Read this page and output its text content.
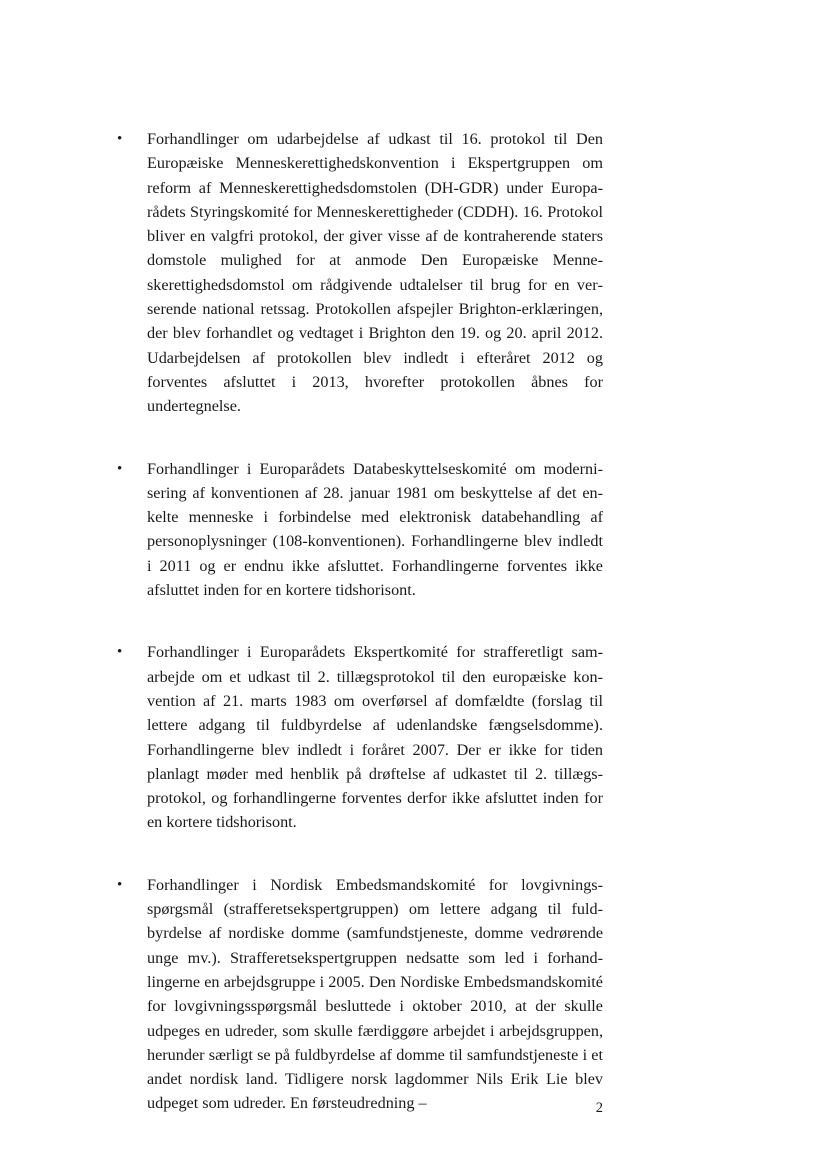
•	Forhandlinger om udarbejdelse af udkast til 16. protokol til Den Europæiske Menneskerettighedskonvention i Ekspertgruppen om reform af Menneskerettighedsdomstolen (DH-GDR) under Europarådets Styringskomité for Menneskerettigheder (CDDH). 16. Protokol bliver en valgfri protokol, der giver visse af de kontraherende staters domstole mulighed for at anmode Den Europæiske Menneskerettighedsdomstol om rådgivende udtalelser til brug for en verserende national retssag. Protokollen afspejler Brighton-erklæringen, der blev forhandlet og vedtaget i Brighton den 19. og 20. april 2012. Udarbejdelsen af protokollen blev indledt i efteråret 2012 og forventes afsluttet i 2013, hvorefter protokollen åbnes for undertegnelse.
•	Forhandlinger i Europarådets Databeskyttelseskomité om modernisering af konventionen af 28. januar 1981 om beskyttelse af det enkelte menneske i forbindelse med elektronisk databehandling af personoplysninger (108-konventionen). Forhandlingerne blev indledt i 2011 og er endnu ikke afsluttet. Forhandlingerne forventes ikke afsluttet inden for en kortere tidshorisont.
•	Forhandlinger i Europarådets Ekspertkomité for strafferetligt samarbejde om et udkast til 2. tillægsprotokol til den europæiske konvention af 21. marts 1983 om overførsel af domfældte (forslag til lettere adgang til fuldbyrdelse af udenlandske fængselsdomme). Forhandlingerne blev indledt i foråret 2007. Der er ikke for tiden planlagt møder med henblik på drøftelse af udkastet til 2. tillægsprotokol, og forhandlingerne forventes derfor ikke afsluttet inden for en kortere tidshorisont.
•	Forhandlinger i Nordisk Embedsmandskomité for lovgivningsspørgsmål (strafferetsekspertgruppen) om lettere adgang til fuldbyrdelse af nordiske domme (samfundstjeneste, domme vedrørende unge mv.). Strafferetsekspertgruppen nedsatte som led i forhandlingerne en arbejdsgruppe i 2005. Den Nordiske Embedsmandskomité for lovgivningsspørgsmål besluttede i oktober 2010, at der skulle udpeges en udreder, som skulle færdiggøre arbejdet i arbejdsgruppen, herunder særligt se på fuldbyrdelse af domme til samfundstjeneste i et andet nordisk land. Tidligere norsk lagdommer Nils Erik Lie blev udpeget som udreder. En førsteudredning –	2
